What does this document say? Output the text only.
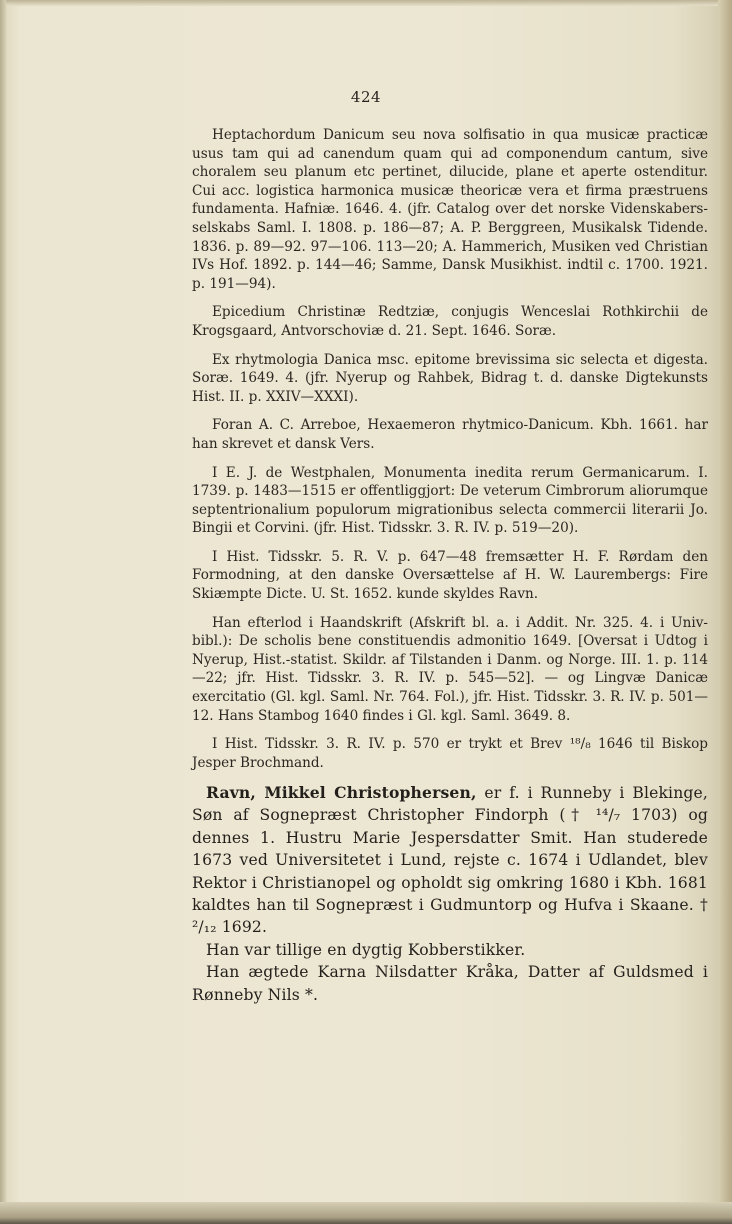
424

Heptachordum Danicum seu nova solfisatio in qua musicæ practicæ usus tam qui ad canendum quam qui ad componendum cantum, sive choralem seu planum etc pertinet, dilucide, plane et aperte ostenditur. Cui acc. logistica harmonica musicæ theoricæ vera et firma præstruens fundamenta. Hafniæ. 1646. 4. (jfr. Catalog over det norske Videnskabers-selskabs Saml. I. 1808. p. 186—87; A. P. Berggreen, Musikalsk Tidende. 1836. p. 89—92. 97—106. 113—20; A. Hammerich, Musiken ved Christian IVs Hof. 1892. p. 144—46; Samme, Dansk Musikhist. indtil c. 1700. 1921. p. 191—94).

Epicedium Christinæ Redtziæ, conjugis Wenceslai Rothkirchii de Krogsgaard, Antvorschoviæ d. 21. Sept. 1646. Soræ.

Ex rhytmologia Danica msc. epitome brevissima sic selecta et digesta. Soræ. 1649. 4. (jfr. Nyerup og Rahbek, Bidrag t. d. danske Digtekunsts Hist. II. p. XXIV—XXXI).

Foran A. C. Arreboe, Hexaemeron rhytmico-Danicum. Kbh. 1661. har han skrevet et dansk Vers.

I E. J. de Westphalen, Monumenta inedita rerum Germanicarum. I. 1739. p. 1483—1515 er offentliggjort: De veterum Cimbrorum aliorumque septentrionalium populorum migrationibus selecta commercii literarii Jo. Bingii et Corvini. (jfr. Hist. Tidsskr. 3. R. IV. p. 519—20).

I Hist. Tidsskr. 5. R. V. p. 647—48 fremsætter H. F. Rørdam den Formodning, at den danske Oversættelse af H. W. Laurembergs: Fire Skiæmpte Dicte. U. St. 1652. kunde skyldes Ravn.

Han efterlod i Haandskrift (Afskrift bl. a. i Addit. Nr. 325. 4. i Univ-bibl.): De scholis bene constituendis admonitio 1649. [Oversat i Udtog i Nyerup, Hist.-statist. Skildr. af Tilstanden i Danm. og Norge. III. 1. p. 114—22; jfr. Hist. Tidsskr. 3. R. IV. p. 545—52]. — og Lingvæ Danicæ exercitatio (Gl. kgl. Saml. Nr. 764. Fol.), jfr. Hist. Tidsskr. 3. R. IV. p. 501—12. Hans Stambog 1640 findes i Gl. kgl. Saml. 3649. 8.

I Hist. Tidsskr. 3. R. IV. p. 570 er trykt et Brev ¹⁸/₈ 1646 til Biskop Jesper Brochmand.

Ravn, Mikkel Christophersen, er f. i Runneby i Blekinge, Søn af Sognepræst Christopher Findorph († ¹⁴/₇ 1703) og dennes 1. Hustru Marie Jespersdatter Smit. Han studerede 1673 ved Universitetet i Lund, rejste c. 1674 i Udlandet, blev Rektor i Christianopel og opholdt sig omkring 1680 i Kbh. 1681 kaldtes han til Sognepræst i Gudmuntorp og Hufva i Skaane. † ²/₁₂ 1692.

Han var tillige en dygtig Kobberstikker.

Han ægtede Karna Nilsdatter Kråka, Datter af Guldsmed i Rønneby Nils *.
